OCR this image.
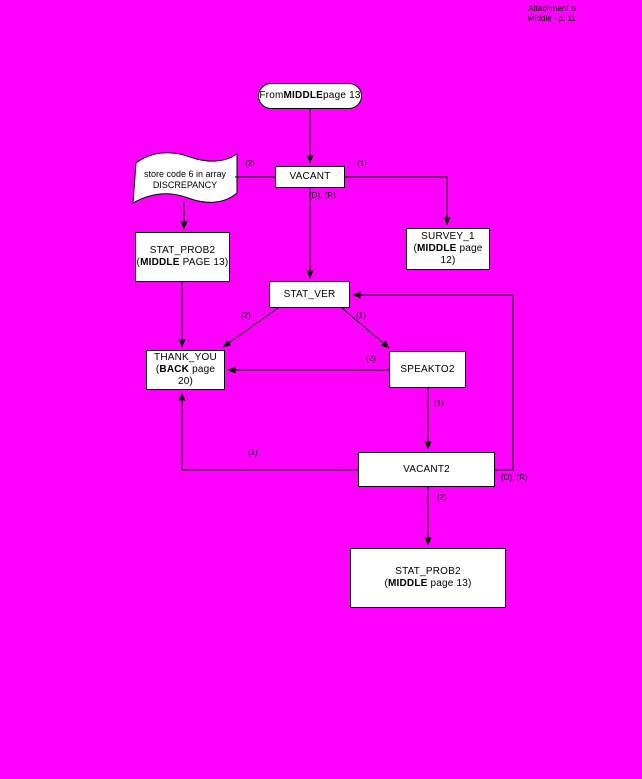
Attachment B
Middle - p. 11
From MIDDLE page 13
VACANT
store code 6 in array
DISCREPANCY
STAT_PROB2
(MIDDLE PAGE 13)
SURVEY_1
(MIDDLE page 12)
STAT_VER
THANK_YOU
(BACK page 20)
SPEAKTO2
VACANT2
STAT_PROB2
(MIDDLE page 13)
(2)	(1)
(D), (R)
(2)	(1)
(2)
(1)
(1)
(D), (R)
(2)
